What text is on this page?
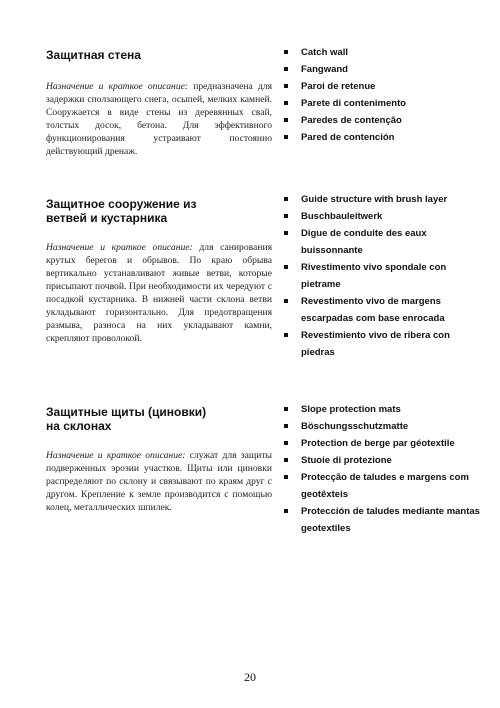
Защитная стена

Назначение и краткое описание: предназначена для задержки сползающего снега, осыпей, мелких камней. Сооружается в виде стены из деревянных свай, толстых досок, бетона. Для эффективного функционирования устраивают постоянно действующий дренаж.

Catch wall
Fangwand
Paroi de retenue
Parete di contenimento
Paredes de contenção
Pared de contención
Защитное сооружение из ветвей и кустарника

Назначение и краткое описание: для санирования крутых берегов и обрывов. По краю обрыва вертикально устанавливают живые ветви, которые присыпают почвой. При необходимости их чередуют с посадкой кустарника. В нижней части склона ветви укладывают горизонтально. Для предотвращения размыва, разноса на них укладывают камни, скрепляют проволокой.

Guide structure with brush layer
Buschbauleitwerk
Digue de conduite des eaux buissonnante
Rivestimento vivo spondale con pietrame
Revestimento vivo de margens escarpadas com base enrocada
Revestimiento vivo de ribera con piedras
Защитные щиты (циновки) на склонах

Назначение и краткое описание: служат для защиты подверженных эрозии участков. Щиты или циновки распределяют по склону и связывают по краям друг с другом. Крепление к земле производится с помощью колец, металлических шпилек.

Slope protection mats
Böschungsschutzmatte
Protection de berge par géotextile
Stuoie di protezione
Protecção de taludes e margens com geotêxteis
Protección de taludes mediante mantas geotextiles
20
